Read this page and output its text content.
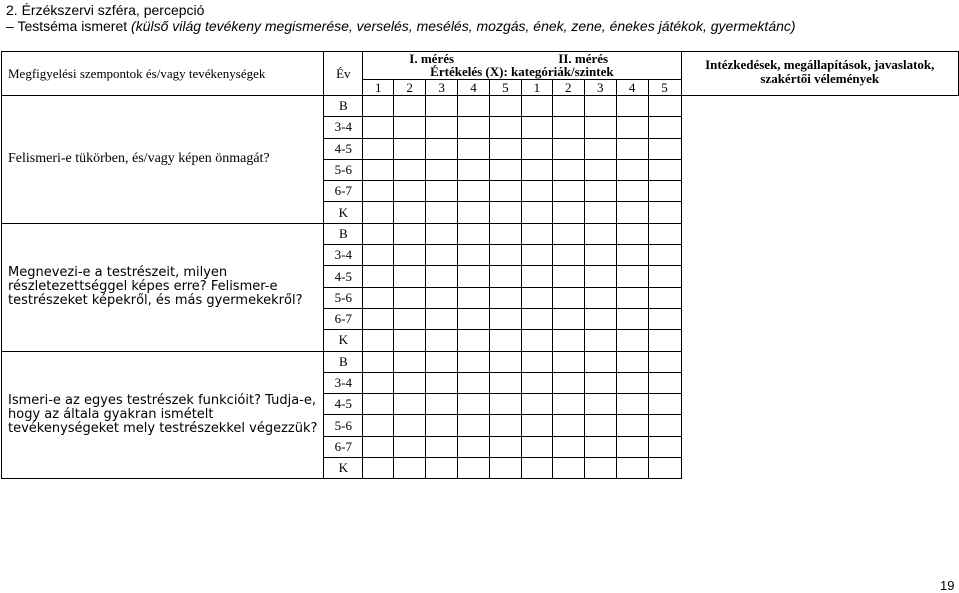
2. Érzékszervi szféra, percepció
– Testséma ismeret (külső világ tevékeny megismerése, verselés, mesélés, mozgás, ének, zene, énekes játékok, gyermektánc)
Megfigyelési szempontok és/vagy tevékenységek	Év	I. mérés II. mérés										Intézkedések, megállapítások, javaslatok, szakértői vélemények
		Értékelés (X): kategóriák/szintek										
		1	2	3	4	5	1	2	3	4	5	
Felismeri-e tükörben, és/vagy képen önmagát?	B											
	3-4											
	4-5											
	5-6											
	6-7											
	K											
Megnevezi-e a testrészeit, milyen részletezettséggel képes erre? Felismer-e testrészeket képekről, és más gyermekekről?	B											
	3-4											
	4-5											
	5-6											
	6-7											
	K											
Ismeri-e az egyes testrészek funkcióit? Tudja-e, hogy az általa gyakran ismételt tevékenységeket mely testrészekkel végezzük?	B											
	3-4											
	4-5											
	5-6											
	6-7											
	K											
19
